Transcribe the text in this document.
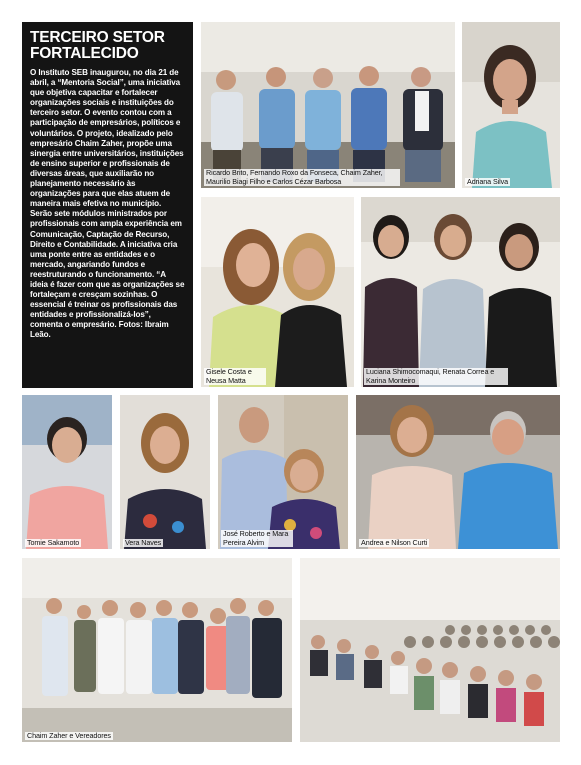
TERCEIRO SETOR
FORTALECIDO

O Instituto SEB inaugurou, no dia 21 de abril, a “Mentoria Social”, uma iniciativa que objetiva capacitar e fortalecer organizações sociais e instituições do terceiro setor. O evento contou com a participação de empresários, políticos e voluntários. O projeto, idealizado pelo empresário Chaim Zaher, propõe uma sinergia entre universitários, instituições de ensino superior e profissionais de diversas áreas, que auxiliarão no planejamento necessário às organizações para que elas atuem de maneira mais efetiva no município. Serão sete módulos ministrados por profissionais com ampla experiência em Comunicação, Captação de Recurso, Direito e Contabilidade. A iniciativa cria uma ponte entre as entidades e o mercado, angariando fundos e reestruturando o funcionamento. “A ideia é fazer com que as organizações se fortaleçam e cresçam sozinhas. O essencial é treinar os profissionais das entidades e profissionalizá-los”, comenta o empresário. Fotos: Ibraim Leão.

Ricardo Brito, Fernando Roxo da Fonseca, Chaim Zaher, Maurilio Biagi Filho e Carlos Cézar Barbosa	Adriana Silva
Gisele Costa e Neusa Matta
Luciana Shimocomaqui, Renata Correa e Karina Monteiro
Tomie Sakamoto	Vera Naves
José Roberto e Mara Pereira Alvim	Andrea e Nilson Curti
Chaim Zaher e Vereadores
